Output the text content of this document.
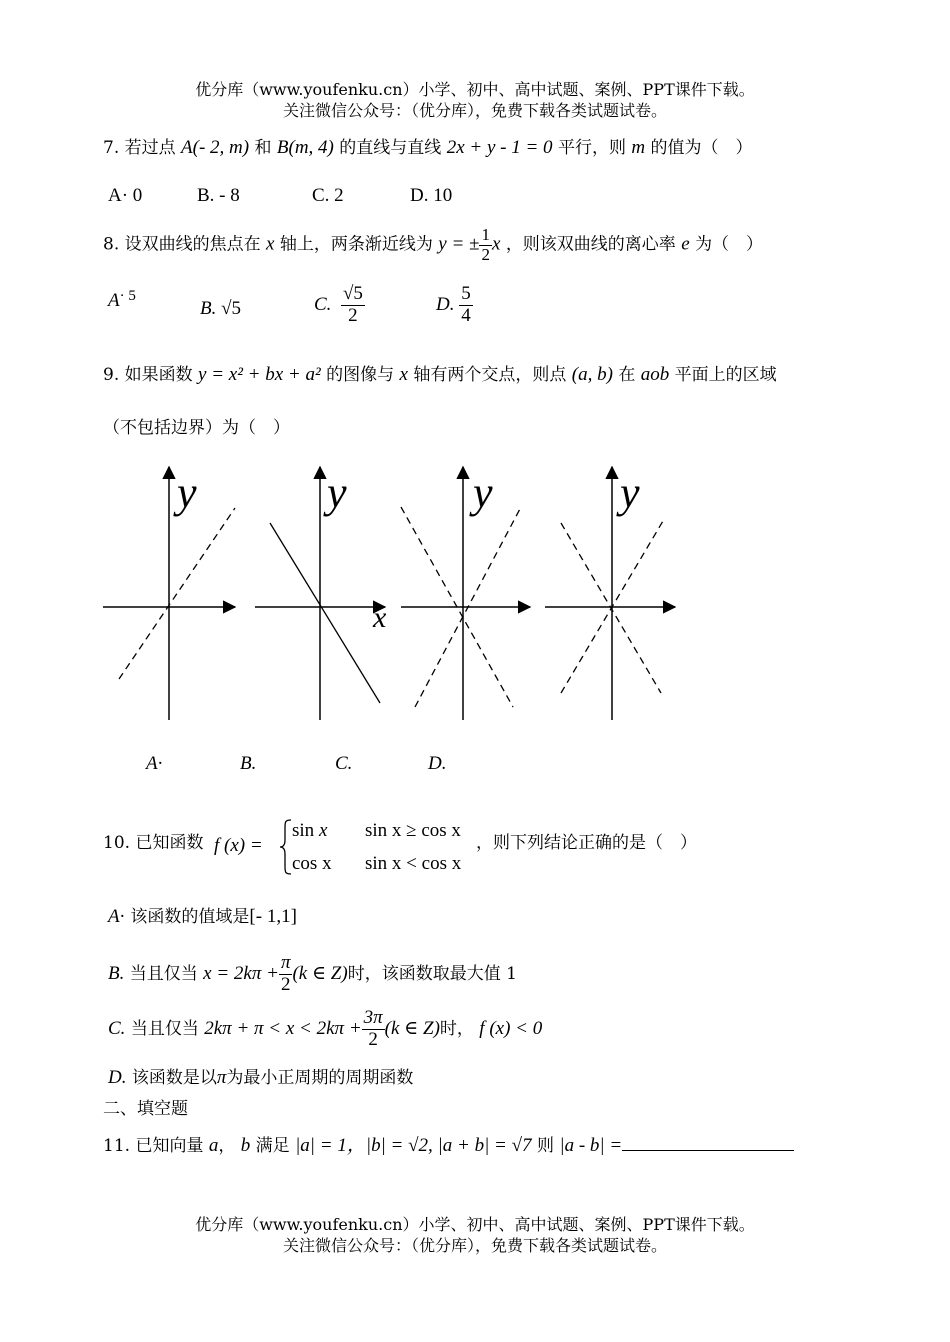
优分库（www.youfenku.cn）小学、初中、高中试题、案例、PPT课件下载。
关注微信公众号：（优分库），免费下载各类试题试卷。
7. 若过点 A(- 2, m) 和 B(m, 4) 的直线与直线 2x + y - 1 = 0 平行，则 m 的值为（　）
A· 0	B. - 8	C. 2	D. 10
8. 设双曲线的焦点在 x 轴上，两条渐近线为 y = ± $\frac{1}{2}$ x ，则该双曲线的离心率 e 为（　）
$A^{\cdot 5}$
B. √5	C. $\frac{√5}{2}$	D. $\frac{5}{4}$
9. 如果函数 y = x² + bx + a² 的图像与 x 轴有两个交点，则点 (a, b) 在 aob 平面上的区域
（不包括边界）为（　）
y	y
x
y	y
A·	B.	C.	D.
10. 已知函数 f (x) =
sin x sin x ≥ cos x
cos x sin x < cos x
，则下列结论正确的是（　）
A· 该函数的值域是[- 1,1]
B. 当且仅当 $x = 2k\pi + \frac{\pi}{2} (k$ ∈ Z)时，该函数取最大值 1
C. 当且仅当 $2k\pi + \pi < x < 2k\pi + \frac{3\pi}{2} (k$ ∈ Z)时， f (x) < 0
D. 该函数是以π为最小正周期的周期函数
二、填空题
11. 已知向量 a， b 满足 |a| = 1，|b| = √2, |a + b| = √7 则 |a - b| =
优分库（www.youfenku.cn）小学、初中、高中试题、案例、PPT课件下载。
关注微信公众号：（优分库），免费下载各类试题试卷。
